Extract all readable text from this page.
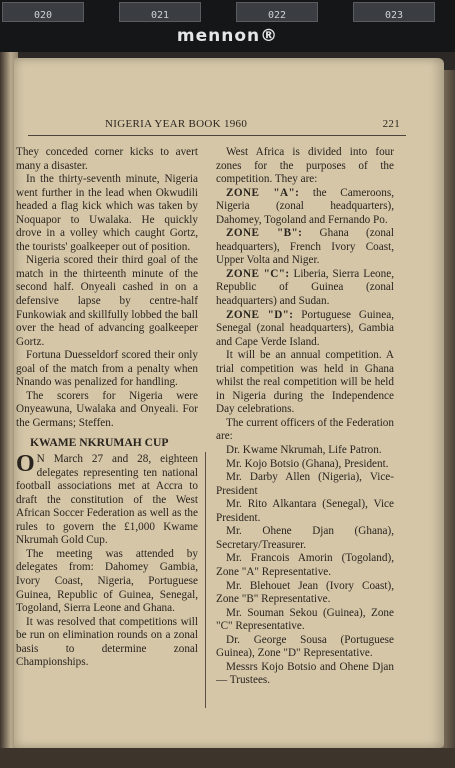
020	021	022	023
mennon®
NIGERIA YEAR BOOK 1960	221

They conceded corner kicks to avert many a disaster.

In the thirty-seventh minute, Nigeria went further in the lead when Okwudili headed a flag kick which was taken by Noquapor to Uwalaka. He quickly drove in a volley which caught Gortz, the tourists' goalkeeper out of position.

Nigeria scored their third goal of the match in the thirteenth minute of the second half. Onyeali cashed in on a defensive lapse by centre-half Funkowiak and skillfully lobbed the ball over the head of advancing goalkeeper Gortz.

Fortuna Duesseldorf scored their only goal of the match from a penalty when Nnando was penalized for handling.

The scorers for Nigeria were Onyeawuna, Uwalaka and Onyeali. For the Germans; Steffen.

KWAME NKRUMAH CUP

O N March 27 and 28, eighteen delegates representing ten national football associations met at Accra to draft the constitution of the West African Soccer Federation as well as the rules to govern the £1,000 Kwame Nkrumah Gold Cup.

The meeting was attended by delegates from: Dahomey Gambia, Ivory Coast, Nigeria, Portuguese Guinea, Republic of Guinea, Senegal, Togoland, Sierra Leone and Ghana.

It was resolved that competitions will be run on elimination rounds on a zonal basis to determine zonal Championships.

West Africa is divided into four zones for the purposes of the competition. They are:

ZONE "A": the Cameroons, Nigeria (zonal headquarters), Dahomey, Togoland and Fernando Po.

ZONE "B": Ghana (zonal headquarters), French Ivory Coast, Upper Volta and Niger.

ZONE "C": Liberia, Sierra Leone, Republic of Guinea (zonal headquarters) and Sudan.

ZONE "D": Portuguese Guinea, Senegal (zonal headquarters), Gambia and Cape Verde Island.

It will be an annual competition. A trial competition was held in Ghana whilst the real competition will be held in Nigeria during the Independence Day celebrations.

The current officers of the Federation are:

Dr. Kwame Nkrumah, Life Patron.

Mr. Kojo Botsio (Ghana), President.

Mr. Darby Allen (Nigeria), Vice-President

Mr. Rito Alkantara (Senegal), Vice President.

Mr. Ohene Djan (Ghana), Secretary/Treasurer.

Mr. Francois Amorin (Togoland), Zone "A" Representative.

Mr. Blehouet Jean (Ivory Coast), Zone "B" Representative.

Mr. Souman Sekou (Guinea), Zone "C" Representative.

Dr. George Sousa (Portuguese Guinea), Zone "D" Representative.

Messrs Kojo Botsio and Ohene Djan — Trustees.
